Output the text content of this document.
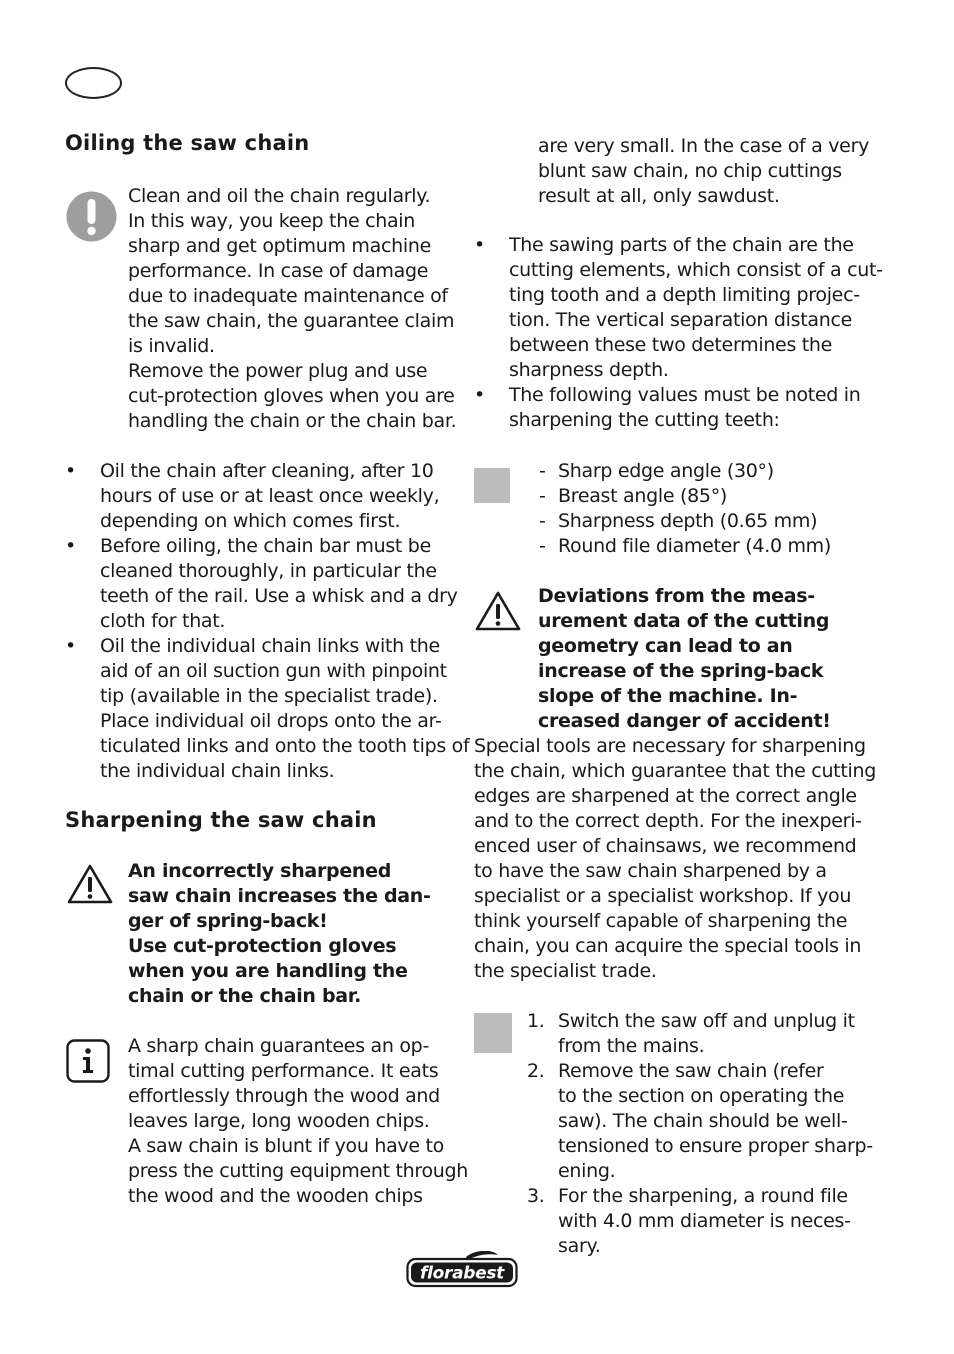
Oiling the saw chain
Clean and oil the chain regularly.
In this way, you keep the chain
sharp and get optimum machine
performance. In case of damage
due to inadequate maintenance of
the saw chain, the guarantee claim
is invalid.
Remove the power plug and use
cut-protection gloves when you are
handling the chain or the chain bar.
• Oil the chain after cleaning, after 10
hours of use or at least once weekly,
depending on which comes first.
• Before oiling, the chain bar must be
cleaned thoroughly, in particular the
teeth of the rail. Use a whisk and a dry
cloth for that.
• Oil the individual chain links with the
aid of an oil suction gun with pinpoint
tip (available in the specialist trade).
Place individual oil drops onto the ar-
ticulated links and onto the tooth tips of
the individual chain links.
Sharpening the saw chain
An incorrectly sharpened
saw chain increases the dan-
ger of spring-back!
Use cut-protection gloves
when you are handling the
chain or the chain bar.
A sharp chain guarantees an op-
timal cutting performance. It eats
effortlessly through the wood and
leaves large, long wooden chips.
A saw chain is blunt if you have to
press the cutting equipment through
the wood and the wooden chips
are very small. In the case of a very
blunt saw chain, no chip cuttings
result at all, only sawdust.
• The sawing parts of the chain are the
cutting elements, which consist of a cut-
ting tooth and a depth limiting projec-
tion. The vertical separation distance
between these two determines the
sharpness depth.
• The following values must be noted in
sharpening the cutting teeth:
- Sharp edge angle (30°)
- Breast angle (85°)
- Sharpness depth (0.65 mm)
- Round file diameter (4.0 mm)
Deviations from the meas-
urement data of the cutting
geometry can lead to an
increase of the spring-back
slope of the machine. In-
creased danger of accident!
Special tools are necessary for sharpening
the chain, which guarantee that the cutting
edges are sharpened at the correct angle
and to the correct depth. For the inexperi-
enced user of chainsaws, we recommend
to have the saw chain sharpened by a
specialist or a specialist workshop. If you
think yourself capable of sharpening the
chain, you can acquire the special tools in
the specialist trade.
1. Switch the saw off and unplug it
from the mains.
2. Remove the saw chain (refer
to the section on operating the
saw). The chain should be well-
tensioned to ensure proper sharp-
ening.
3. For the sharpening, a round file
with 4.0 mm diameter is neces-
sary.
florabest
